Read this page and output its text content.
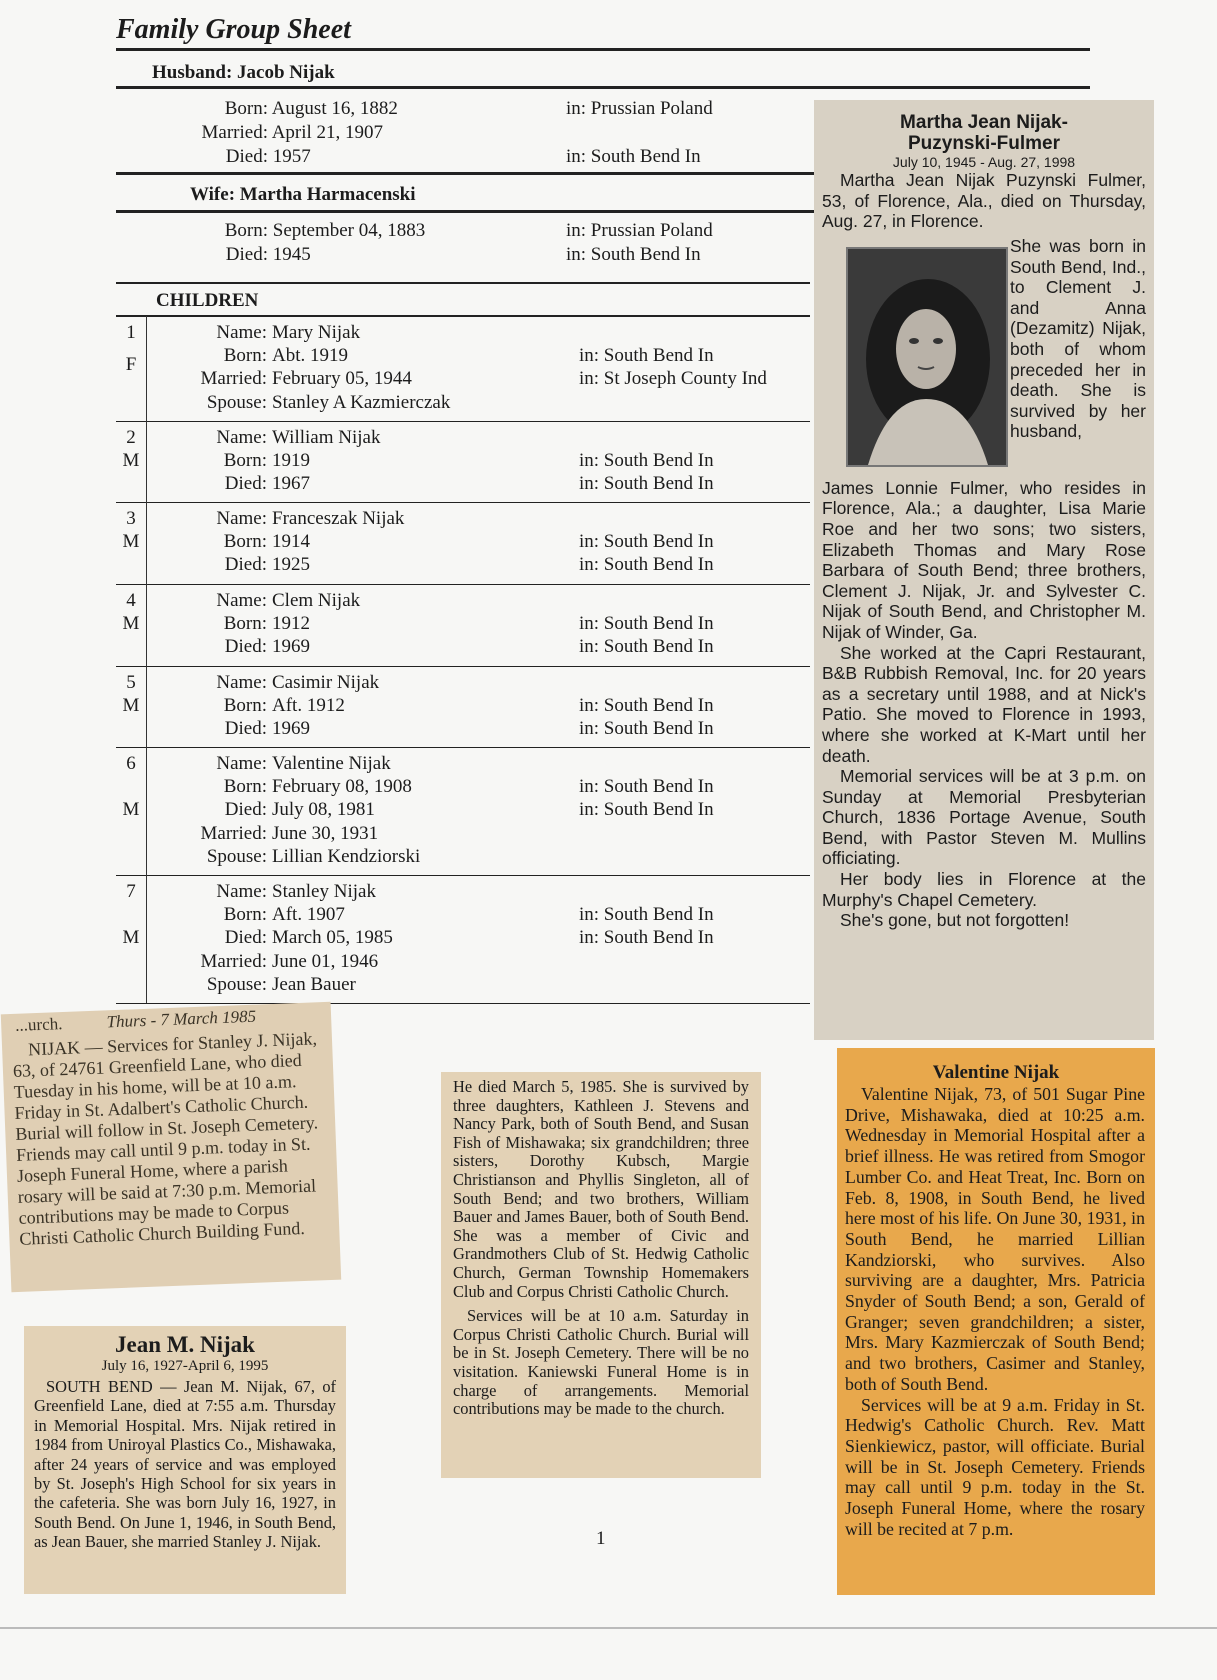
Family Group Sheet
Husband: Jacob Nijak
Born: August 16, 1882	in: Prussian Poland
Married: April 21, 1907
Died: 1957	in: South Bend In
Wife: Martha Harmacenski
Born: September 04, 1883	in: Prussian Poland
Died: 1945	in: South Bend In
CHILDREN
1
F
Name: Mary Nijak
Born: Abt. 1919	in: South Bend In
Married: February 05, 1944	in: St Joseph County Ind
Spouse: Stanley A Kazmierczak
2
M
Name: William Nijak
Born: 1919	in: South Bend In
Died: 1967	in: South Bend In
3
M
Name: Franceszak Nijak
Born: 1914	in: South Bend In
Died: 1925	in: South Bend In
4
M
Name: Clem Nijak
Born: 1912	in: South Bend In
Died: 1969	in: South Bend In
5
M
Name: Casimir Nijak
Born: Aft. 1912	in: South Bend In
Died: 1969	in: South Bend In
6
M
Name: Valentine Nijak
Born: February 08, 1908	in: South Bend In
Died: July 08, 1981	in: South Bend In
Married: June 30, 1931
Spouse: Lillian Kendziorski
7
M
Name: Stanley Nijak
Born: Aft. 1907	in: South Bend In
Died: March 05, 1985	in: South Bend In
Married: June 01, 1946
Spouse: Jean Bauer
Martha Jean Nijak-
Puzynski-Fulmer
July 10, 1945 - Aug. 27, 1998
Martha Jean Nijak Puzynski Fulmer, 53, of Florence, Ala., died on Thursday, Aug. 27, in Florence.
She was born in South Bend, Ind., to Clement J. and Anna (Dezamitz) Nijak, both of whom preceded her in death. She is survived by her husband,
James Lonnie Fulmer, who resides in Florence, Ala.; a daughter, Lisa Marie Roe and her two sons; two sisters, Elizabeth Thomas and Mary Rose Barbara of South Bend; three brothers, Clement J. Nijak, Jr. and Sylvester C. Nijak of South Bend, and Christopher M. Nijak of Winder, Ga.
She worked at the Capri Restaurant, B&B Rubbish Removal, Inc. for 20 years as a secretary until 1988, and at Nick's Patio. She moved to Florence in 1993, where she worked at K-Mart until her death.
Memorial services will be at 3 p.m. on Sunday at Memorial Presbyterian Church, 1836 Portage Avenue, South Bend, with Pastor Steven M. Mullins officiating.
Her body lies in Florence at the Murphy's Chapel Cemetery.
She's gone, but not forgotten!
...urch.	Thurs - 7 March 1985
NIJAK — Services for Stanley J. Nijak, 63, of 24761 Greenfield Lane, who died Tuesday in his home, will be at 10 a.m. Friday in St. Adalbert's Catholic Church. Burial will follow in St. Joseph Cemetery. Friends may call until 9 p.m. today in St. Joseph Funeral Home, where a parish rosary will be said at 7:30 p.m. Memorial contributions may be made to Corpus Christi Catholic Church Building Fund.
Jean M. Nijak
July 16, 1927-April 6, 1995
SOUTH BEND — Jean M. Nijak, 67, of Greenfield Lane, died at 7:55 a.m. Thursday in Memorial Hospital. Mrs. Nijak retired in 1984 from Uniroyal Plastics Co., Mishawaka, after 24 years of service and was employed by St. Joseph's High School for six years in the cafeteria. She was born July 16, 1927, in South Bend. On June 1, 1946, in South Bend, as Jean Bauer, she married Stanley J. Nijak.
He died March 5, 1985. She is survived by three daughters, Kathleen J. Stevens and Nancy Park, both of South Bend, and Susan Fish of Mishawaka; six grandchildren; three sisters, Dorothy Kubsch, Margie Christianson and Phyllis Singleton, all of South Bend; and two brothers, William Bauer and James Bauer, both of South Bend. She was a member of Civic and Grandmothers Club of St. Hedwig Catholic Church, German Township Homemakers Club and Corpus Christi Catholic Church.
Services will be at 10 a.m. Saturday in Corpus Christi Catholic Church. Burial will be in St. Joseph Cemetery. There will be no visitation. Kaniewski Funeral Home is in charge of arrangements. Memorial contributions may be made to the church.
Valentine Nijak
Valentine Nijak, 73, of 501 Sugar Pine Drive, Mishawaka, died at 10:25 a.m. Wednesday in Memorial Hospital after a brief illness. He was retired from Smogor Lumber Co. and Heat Treat, Inc. Born on Feb. 8, 1908, in South Bend, he lived here most of his life. On June 30, 1931, in South Bend, he married Lillian Kandziorski, who survives. Also surviving are a daughter, Mrs. Patricia Snyder of South Bend; a son, Gerald of Granger; seven grandchildren; a sister, Mrs. Mary Kazmierczak of South Bend; and two brothers, Casimer and Stanley, both of South Bend.
Services will be at 9 a.m. Friday in St. Hedwig's Catholic Church. Rev. Matt Sienkiewicz, pastor, will officiate. Burial will be in St. Joseph Cemetery. Friends may call until 9 p.m. today in the St. Joseph Funeral Home, where the rosary will be recited at 7 p.m.
1
